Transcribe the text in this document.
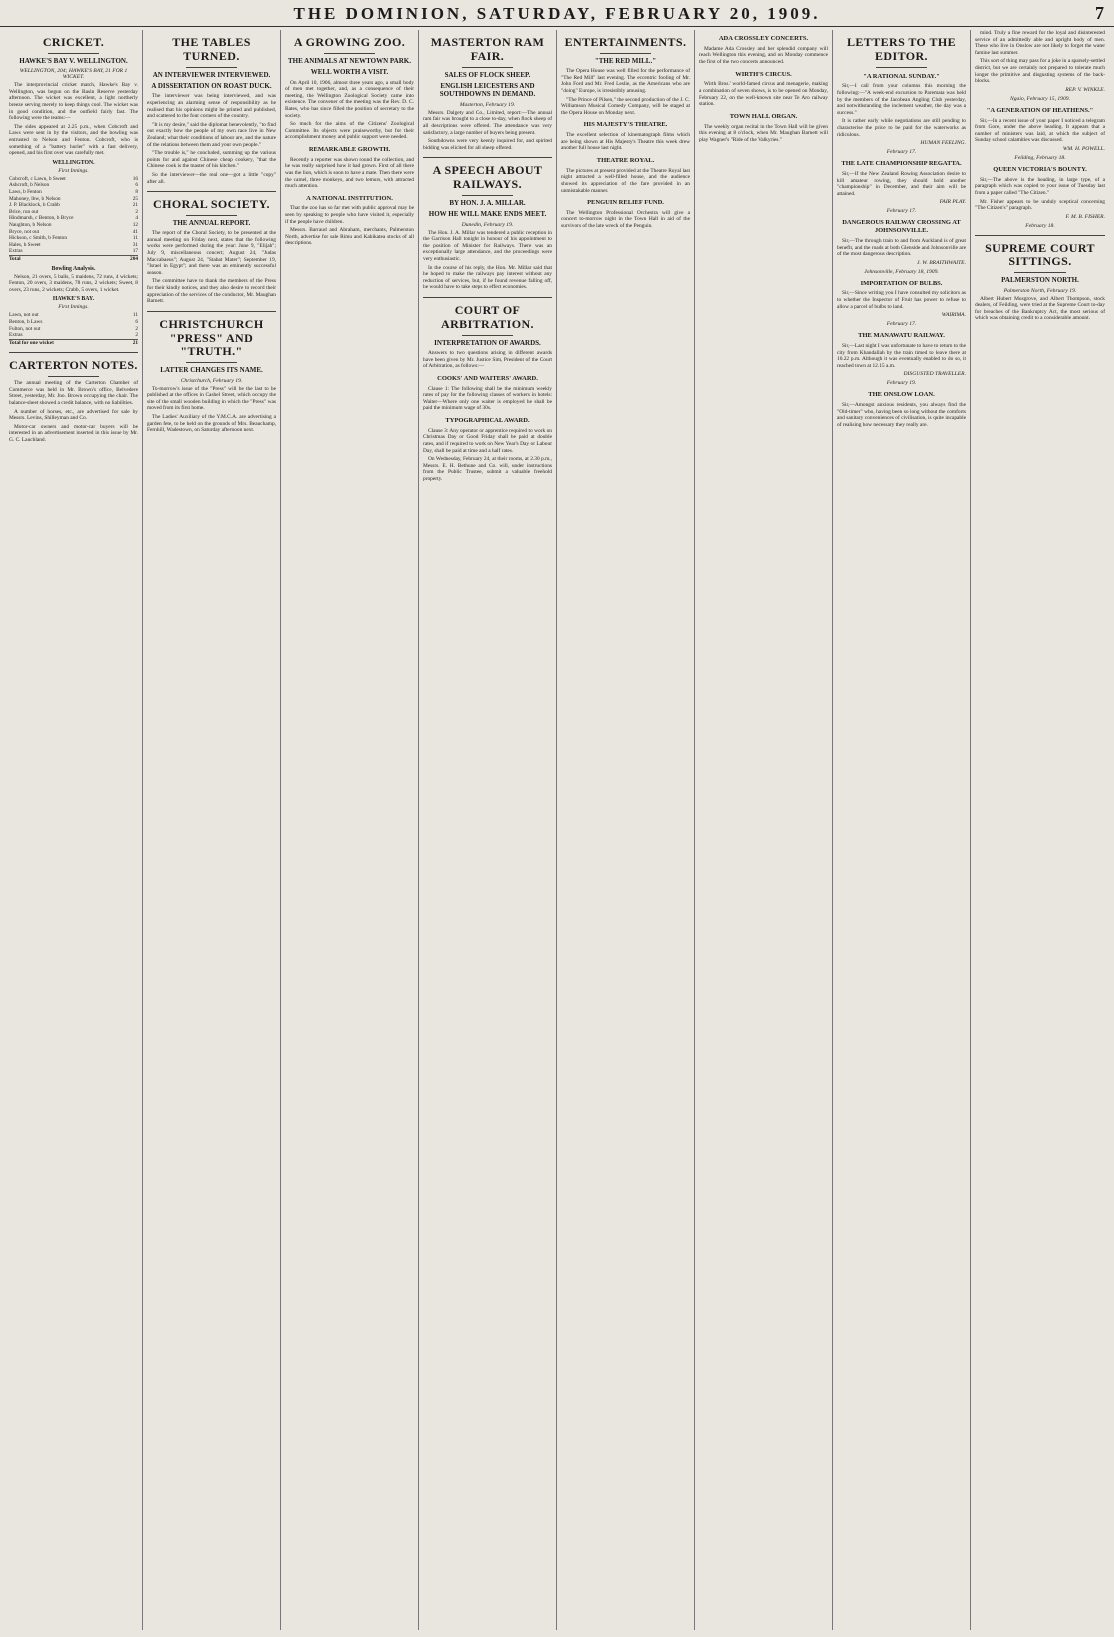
THE DOMINION, SATURDAY, FEBRUARY 20, 1909.	7
CRICKET.
HAWKE'S BAY V. WELLINGTON.
WELLINGTON, 204; HAWKE'S BAY, 21 FOR 1 WICKET.

The interprovincial cricket match, Hawke's Bay v. Wellington, was begun on the Basin Reserve yesterday afternoon. The wicket was excellent, a light northerly breeze serving merely to keep things cool. The wicket was in good condition, and the outfield fairly fast. The following were the teams:—

The sides appeared at 2.25 p.m., when Cobcroft and Laws were sent in by the visitors, and the bowling was entrusted to Nelson and Fenton. Cobcroft, who is something of a "battery hurler" with a fast delivery, opened, and his first over was carefully met.

WELLINGTON.
First Innings.
Cobcroft, c Lawn, b Sweet	16
Ashcroft, b Nelson	6
Laws, b Fenton	8
Mahoney, lbw, b Nelson	25
J. P. Blacklock, b Crabb	21
Brice, run out	2
Hindmarsh, c Benton, b Bryce	4
Naughton, b Nelson	12
Bryce, not out	41
Hickson, c Smith, b Fenton	11
Hales, b Sweet	31
Extras	17
Total	204
Bowling Analysis.

Nelson, 21 overs, 5 balls, 5 maidens, 72 runs, 4 wickets; Fenton, 20 overs, 3 maidens, 78 runs, 2 wickets; Sweet, 8 overs, 23 runs, 2 wickets; Crabb, 5 overs, 1 wicket.

HAWKE'S BAY.
First Innings.
Lawn, not out	11
Benton, b Laws	6
Fulton, not out	2
Extras	2
Total for one wicket	21
CARTERTON NOTES.

The annual meeting of the Carterton Chamber of Commerce was held in Mr. Brown's office, Belvedere Street, yesterday, Mr. Jno. Brown occupying the chair. The balance-sheet showed a credit balance, with no liabilities.

A number of horses, etc., are advertised for sale by Messrs. Levins, Shilleyman and Co.

Motor-car owners and motor-car buyers will be interested in an advertisement inserted in this issue by Mr. G. C. Lauchland.

THE TABLES TURNED.
AN INTERVIEWER INTERVIEWED.
A DISSERTATION ON ROAST DUCK.

The interviewer was being interviewed, and was experiencing an alarming sense of responsibility as he realised that his opinions might be printed and published, and scattered to the four corners of the country.

"It is my desire," said the diplomat benevolently, "to find out exactly how the people of my own race live in New Zealand; what their conditions of labour are, and the nature of the relations between them and your own people."

"The trouble is," he concluded, summing up the various points for and against Chinese cheap cookery, "that the Chinese cook is the master of his kitchen."

So the interviewer—the real one—got a little "copy" after all.

CHORAL SOCIETY.
THE ANNUAL REPORT.

The report of the Choral Society, to be presented at the annual meeting on Friday next, states that the following works were performed during the year: June 9, "Elijah"; July 9, miscellaneous concert; August 24, "Judas Maccabaeus"; August 24, "Stabat Mater"; September 19, "Israel in Egypt"; and there was an eminently successful season.

The committee have to thank the members of the Press for their kindly notices, and they also desire to record their appreciation of the services of the conductor, Mr. Maughan Barnett.

CHRISTCHURCH "PRESS" AND "TRUTH."
LATTER CHANGES ITS NAME.
Christchurch, February 19.

To-morrow's issue of the "Press" will be the last to be published at the offices in Cashel Street, which occupy the site of the small wooden building in which the "Press" was moved from its first home.

The Ladies' Auxiliary of the Y.M.C.A. are advertising a garden fete, to be held on the grounds of Mrs. Beauchamp, Fernhill, Wadestown, on Saturday afternoon next.

A GROWING ZOO.
THE ANIMALS AT NEWTOWN PARK.
WELL WORTH A VISIT.

On April 10, 1906, almost three years ago, a small body of men met together, and, as a consequence of their meeting, the Wellington Zoological Society came into existence. The convener of the meeting was the Rev. D. C. Bates, who has since filled the position of secretary to the society.

So much for the aims of the Citizens' Zoological Committee. Its objects were praiseworthy, but for their accomplishment money and public support were needed.

REMARKABLE GROWTH.

Recently a reporter was shown round the collection, and he was really surprised how it had grown. First of all there was the lion, which is soon to have a mate. Then there were the camel, three monkeys, and two lemurs, with attracted much attention.

A NATIONAL INSTITUTION.

That the zoo has so far met with public approval may be seen by speaking to people who have visited it, especially if the people have children.

Messrs. Barraud and Abraham, merchants, Palmerston North, advertise for sale Rimu and Kahikatea stocks of all descriptions.

MASTERTON RAM FAIR.
SALES OF FLOCK SHEEP.
ENGLISH LEICESTERS AND SOUTHDOWNS IN DEMAND.
Masterton, February 19.

Messrs. Dalgety and Co., Limited, report:—The annual ram fair was brought to a close to-day, when flock sheep of all descriptions were offered. The attendance was very satisfactory, a large number of buyers being present.

Southdowns were very keenly inquired for, and spirited bidding was elicited for all sheep offered.

A SPEECH ABOUT RAILWAYS.
BY HON. J. A. MILLAR.
HOW HE WILL MAKE ENDS MEET.
Dunedin, February 19.

The Hon. J. A. Millar was tendered a public reception in the Garrison Hall tonight in honour of his appointment to the position of Minister for Railways. There was an exceptionally large attendance, and the proceedings were very enthusiastic.

In the course of his reply, the Hon. Mr. Millar said that he hoped to make the railways pay interest without any reduction of services, but, if he found revenue falling off, he would have to take steps to effect economies.

COURT OF ARBITRATION.
INTERPRETATION OF AWARDS.

Answers to two questions arising in different awards have been given by Mr. Justice Sim, President of the Court of Arbitration, as follows:—

COOKS' AND WAITERS' AWARD.

Clause 1: The following shall be the minimum weekly rates of pay for the following classes of workers in hotels: Waiter—Where only one waiter is employed he shall be paid the minimum wage of 30s.

TYPOGRAPHICAL AWARD.

Clause 3: Any operator or apprentice required to work on Christmas Day or Good Friday shall be paid at double rates, and if required to work on New Year's Day or Labour Day, shall be paid at time and a half rates.

On Wednesday, February 24, at their rooms, at 2.30 p.m., Messrs. E. H. Bethune and Co. will, under instructions from the Public Trustee, submit a valuable freehold property.

ENTERTAINMENTS.
"THE RED MILL."

The Opera House was well filled for the performance of "The Red Mill" last evening. The eccentric fooling of Mr. John Ford and Mr. Fred Leslie, as the Americans who are "doing" Europe, is irresistibly amusing.

"The Prince of Pilsen," the second production of the J. C. Williamson Musical Comedy Company, will be staged at the Opera House on Monday next.

HIS MAJESTY'S THEATRE.

The excellent selection of kinematograph films which are being shown at His Majesty's Theatre this week drew another full house last night.

THEATRE ROYAL.

The pictures at present provided at the Theatre Royal last night attracted a well-filled house, and the audience showed its appreciation of the fare provided in an unmistakable manner.

PENGUIN RELIEF FUND.

The Wellington Professional Orchestra will give a concert to-morrow night in the Town Hall in aid of the survivors of the late wreck of the Penguin.

ADA CROSSLEY CONCERTS.

Madame Ada Crossley and her splendid company will reach Wellington this evening, and on Monday commence the first of the two concerts announced.

WIRTH'S CIRCUS.

Wirth Bros.' world-famed circus and menagerie, making a combination of seven shows, is to be opened on Monday, February 22, on the well-known site near Te Aro railway station.

TOWN HALL ORGAN.

The weekly organ recital in the Town Hall will be given this evening at 8 o'clock, when Mr. Maughan Barnett will play Wagner's "Ride of the Valkyries."

LETTERS TO THE EDITOR.
"A RATIONAL SUNDAY."

Sir,—I call from your columns this morning the following:—"A week-end excursion to Paremata was held by the members of the Jacobean Angling Club yesterday, and notwithstanding the inclement weather, the day was a success."

It is rather early while negotiations are still pending to characterise the price to be paid for the waterworks as ridiculous.

HUMAN FEELING.
February 17.
THE LATE CHAMPIONSHIP REGATTA.

Sir,—If the New Zealand Rowing Association desire to kill amateur rowing, they should hold another "championship" in December, and their aim will be attained.

FAIR PLAY.
February 17.
DANGEROUS RAILWAY CROSSING AT JOHNSONVILLE.

Sir,—The through train to and from Auckland is of great benefit, and the roads at both Glenside and Johnsonville are of the most dangerous description.

J. W. BRAITHWAITE.
Johnsonville, February 18, 1909.
IMPORTATION OF BULBS.

Sir,—Since writing you I have consulted my solicitors as to whether the Inspector of Fruit has power to refuse to allow a parcel of bulbs to land.

WAIRIMA.
February 17.
THE MANAWATU RAILWAY.

Sir,—Last night I was unfortunate to have to return to the city from Khandallah by the train timed to leave there at 10.22 p.m. Although it was eventually enabled to do so, it reached town at 12.15 a.m.

DISGUSTED TRAVELLER.
February 19.
THE ONSLOW LOAN.

Sir,—Amongst anxious residents, you always find the "Old-timer" who, having been so long without the comforts and sanitary conveniences of civilisation, is quite incapable of realising how necessary they really are.

mind. Truly a fine reward for the loyal and disinterested service of an admittedly able and upright body of men. These who live in Onslow are not likely to forget the water famine last summer.

This sort of thing may pass for a joke in a sparsely-settled district, but we are certainly not prepared to tolerate much longer the primitive and disgusting systems of the back-blocks.

REP. V. WINKLE.
Ngaio, February 15, 1909.
"A GENERATION OF HEATHENS."

Sir,—In a recent issue of your paper I noticed a telegram from Gore, under the above heading. It appears that a number of ministers was laid, at which the subject of Sunday school calamities was discussed.

WM. H. POWELL.
Feilding, February 18.
QUEEN VICTORIA'S BOUNTY.

Sir,—The above is the heading, in large type, of a paragraph which was copied to your issue of Tuesday last from a paper called "The Citizen."

Mr. Fisher appears to be unduly sceptical concerning "The Citizen's" paragraph.

F. M. B. FISHER.
February 18.
SUPREME COURT SITTINGS.
PALMERSTON NORTH.
Palmerston North, February 19.

Albert Hubert Musgrove, and Albert Thompson, stock dealers, of Feilding, were tried at the Supreme Court to-day for breaches of the Bankruptcy Act, the most serious of which was obtaining credit to a considerable amount.
